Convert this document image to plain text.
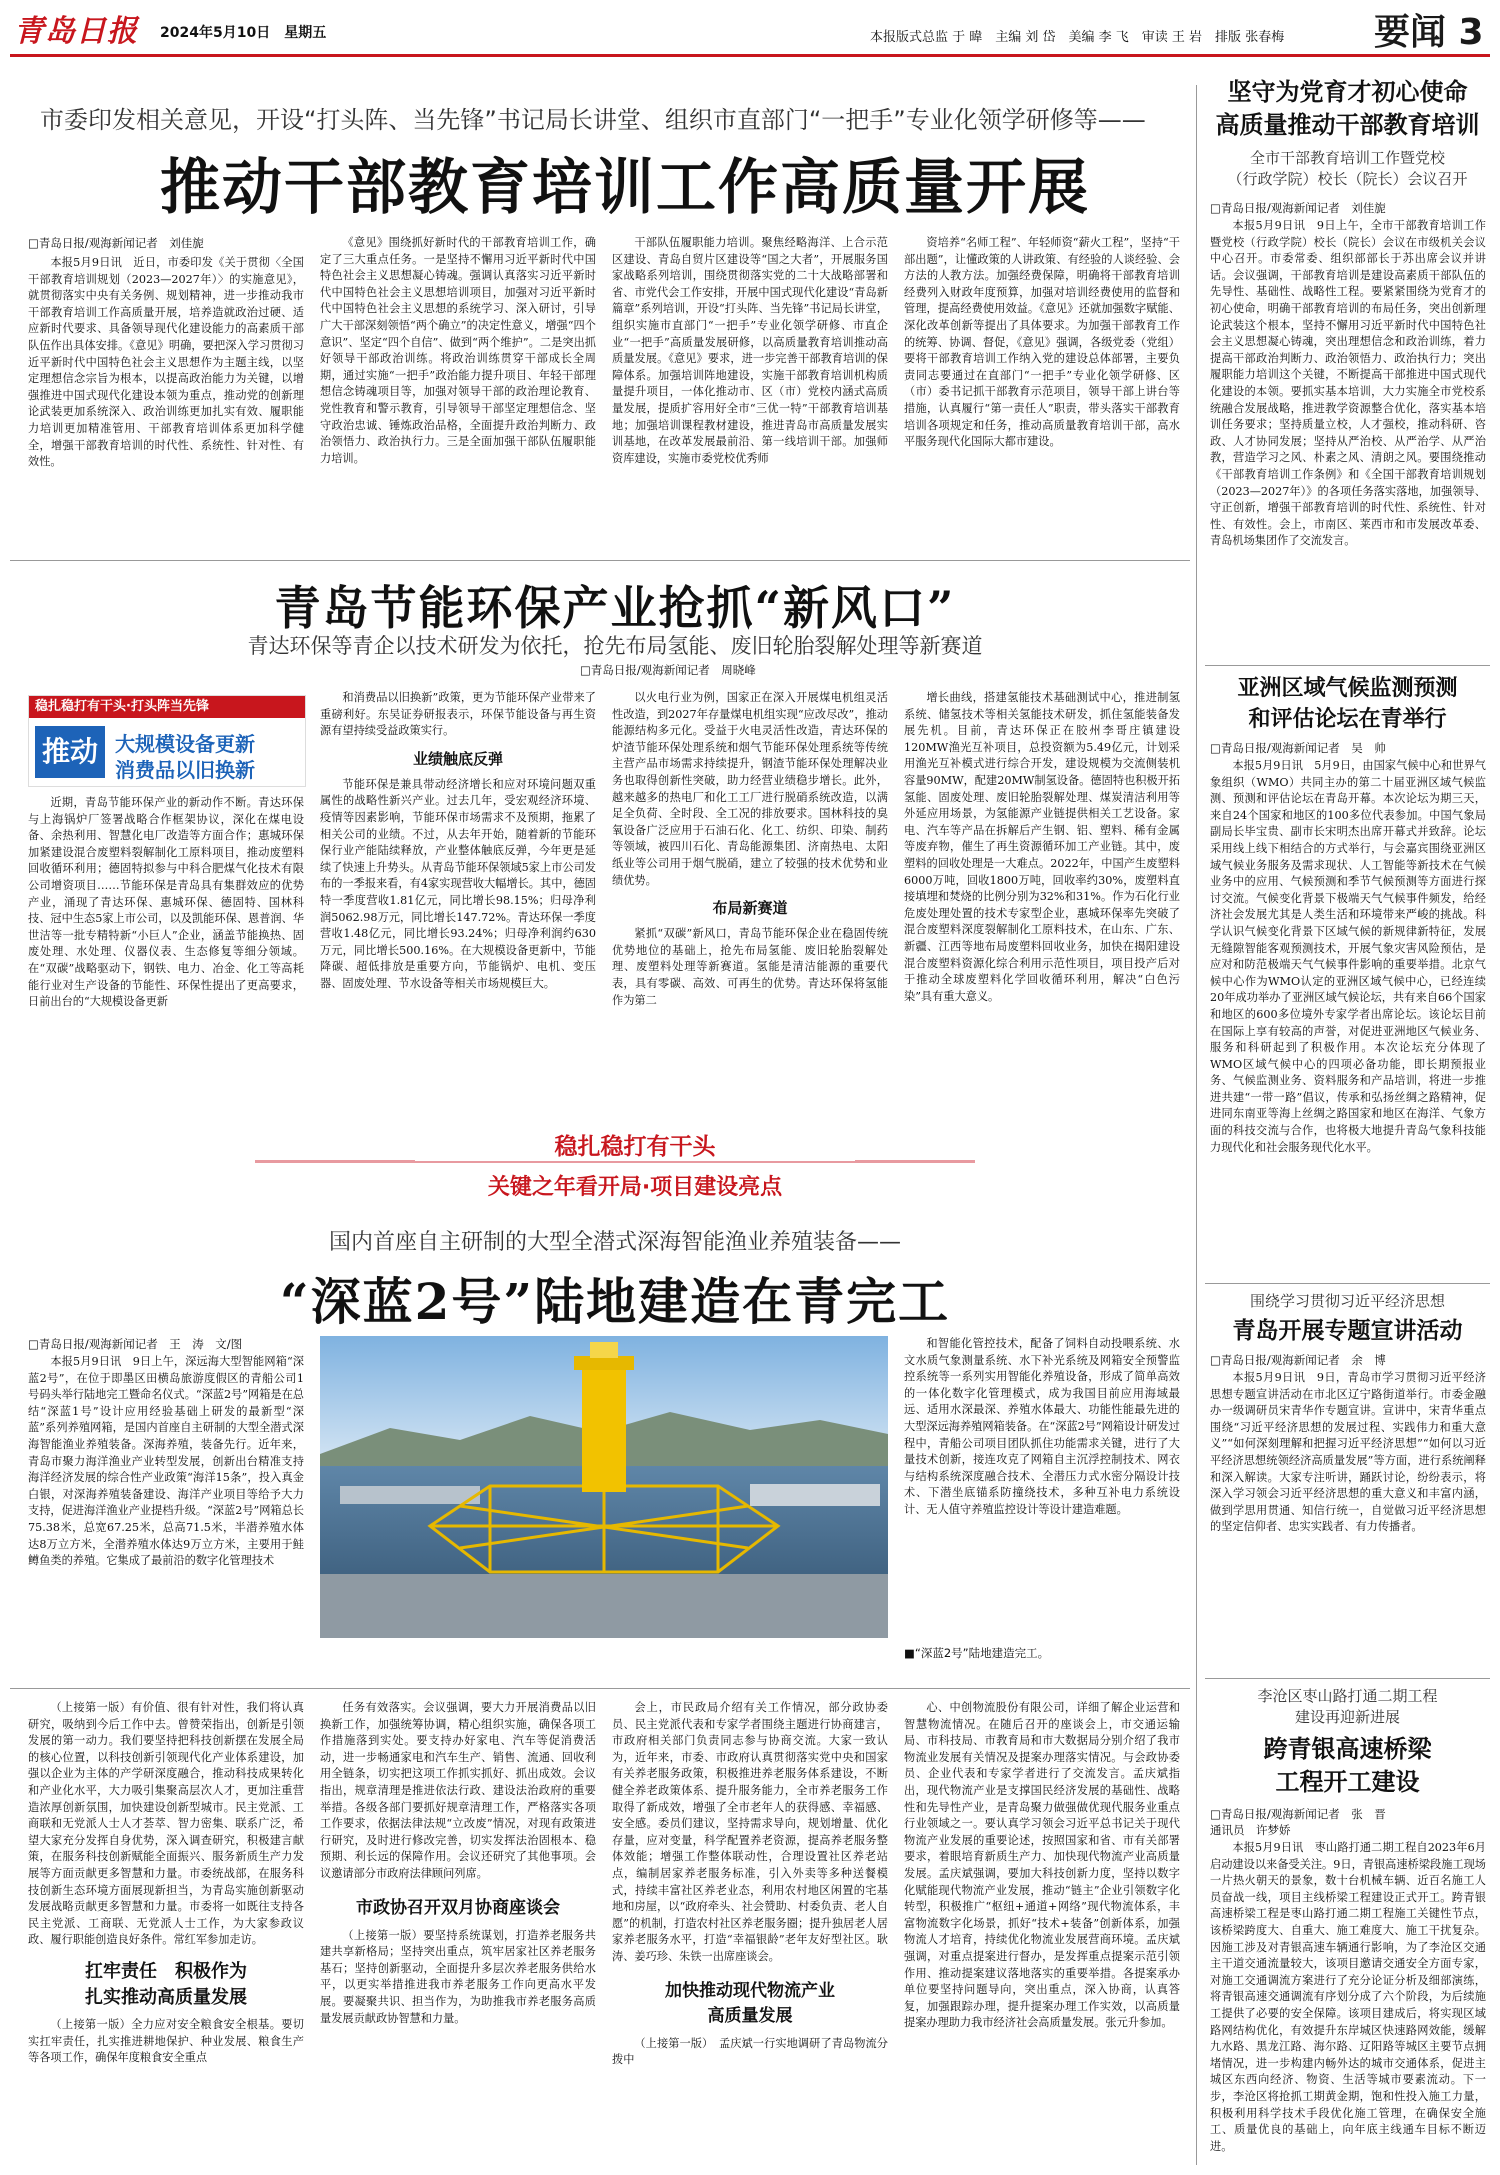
青岛日报 2024年5月10日　星期五	本报版式总监 于 暐　主编 刘 岱　美编 李 飞　审读 王 岩　排版 张春梅 要闻 3
市委印发相关意见，开设“打头阵、当先锋”书记局长讲堂、组织市直部门“一把手”专业化领学研修等——
推动干部教育培训工作高质量开展
□青岛日报/观海新闻记者　刘佳旎

本报5月9日讯　近日，市委印发《关于贯彻〈全国干部教育培训规划（2023—2027年）〉的实施意见》，就贯彻落实中央有关务例、规划精神，进一步推动我市干部教育培训工作高质量开展，培养造就政治过硬、适应新时代要求、具备领导现代化建设能力的高素质干部队伍作出具体安排。《意见》明确，要把深入学习贯彻习近平新时代中国特色社会主义思想作为主题主线，以坚定理想信念宗旨为根本，以提高政治能力为关键，以增强推进中国式现代化建设本领为重点，推动党的创新理论武装更加系统深入、政治训练更加扎实有效、履职能力培训更加精准管用、干部教育培训体系更加科学健全，增强干部教育培训的时代性、系统性、针对性、有效性。

《意见》围绕抓好新时代的干部教育培训工作，确定了三大重点任务。一是坚持不懈用习近平新时代中国特色社会主义思想凝心铸魂。强调认真落实习近平新时代中国特色社会主义思想培训项目，加强对习近平新时代中国特色社会主义思想的系统学习、深入研讨，引导广大干部深刻领悟“两个确立”的决定性意义，增强“四个意识”、坚定“四个自信”、做到“两个维护”。二是突出抓好领导干部政治训练。将政治训练贯穿干部成长全周期，通过实施“一把手”政治能力提升项目、年轻干部理想信念铸魂项目等，加强对领导干部的政治理论教育、党性教育和警示教育，引导领导干部坚定理想信念、坚守政治忠诚、锤炼政治品格，全面提升政治判断力、政治领悟力、政治执行力。三是全面加强干部队伍履职能力培训。

干部队伍履职能力培训。聚焦经略海洋、上合示范区建设、青岛自贸片区建设等“国之大者”，开展服务国家战略系列培训，围绕贯彻落实党的二十大战略部署和省、市党代会工作安排，开展中国式现代化建设“青岛新篇章”系列培训，开设“打头阵、当先锋”书记局长讲堂，组织实施市直部门“一把手”专业化领学研修、市直企业“一把手”高质量发展研修，以高质量教育培训推动高质量发展。《意见》要求，进一步完善干部教育培训的保障体系。加强培训阵地建设，实施干部教育培训机构质量提升项目，一体化推动市、区（市）党校内涵式高质量发展，提质扩容用好全市“三优一特”干部教育培训基地；加强培训课程教材建设，推进青岛市高质量发展实训基地，在改革发展最前沿、第一线培训干部。加强师资库建设，实施市委党校优秀师

资培养“名师工程”、年轻师资“薪火工程”，坚持“干部出题”，让懂政策的人讲政策、有经验的人谈经验、会方法的人教方法。加强经费保障，明确将干部教育培训经费列入财政年度预算，加强对培训经费使用的监督和管理，提高经费使用效益。《意见》还就加强数字赋能、深化改革创新等提出了具体要求。为加强干部教育工作的统筹、协调、督促，《意见》强调，各级党委（党组）要将干部教育培训工作纳入党的建设总体部署，主要负责同志要通过在直部门“一把手”专业化领学研修、区（市）委书记抓干部教育示范项目，领导干部上讲台等措施，认真履行“第一责任人”职责，带头落实干部教育培训各项规定和任务，推动高质量教育培训干部，高水平服务现代化国际大都市建设。

坚守为党育才初心使命
高质量推动干部教育培训
全市干部教育培训工作暨党校
（行政学院）校长（院长）会议召开
□青岛日报/观海新闻记者　刘佳旎

本报5月9日讯　9日上午，全市干部教育培训工作暨党校（行政学院）校长（院长）会议在市级机关会议中心召开。市委常委、组织部部长于苏出席会议并讲话。会议强调，干部教育培训是建设高素质干部队伍的先导性、基础性、战略性工程。要紧紧围绕为党育才的初心使命，明确干部教育培训的布局任务，突出创新理论武装这个根本，坚持不懈用习近平新时代中国特色社会主义思想凝心铸魂，突出理想信念和政治训练，着力提高干部政治判断力、政治领悟力、政治执行力；突出履职能力培训这个关键，不断提高干部推进中国式现代化建设的本领。要抓实基本培训，大力实施全市党校系统融合发展战略，推进教学资源整合优化，落实基本培训任务要求；坚持质量立校，人才强校，推动科研、咨政、人才协同发展；坚持从严治校、从严治学、从严治教，营造学习之风、朴素之风、清朗之风。要围绕推动《干部教育培训工作条例》和《全国干部教育培训规划（2023—2027年）》的各项任务落实落地，加强领导、守正创新，增强干部教育培训的时代性、系统性、针对性、有效性。会上，市南区、莱西市和市发展改革委、青岛机场集团作了交流发言。

青岛节能环保产业抢抓“新风口”
青达环保等青企以技术研发为依托，抢先布局氢能、废旧轮胎裂解处理等新赛道
□青岛日报/观海新闻记者　周晓峰
稳扎稳打有干头·打头阵当先锋
推动 大规模设备更新
消费品以旧换新

近期，青岛节能环保产业的新动作不断。青达环保与上海锅炉厂签署战略合作框架协议，深化在煤电设备、余热利用、智慧化电厂改造等方面合作；惠城环保加紧建设混合废塑料裂解制化工原料项目，推动废塑料回收循环利用；德固特拟参与中科合肥煤气化技术有限公司增资项目……节能环保是青岛具有集群效应的优势产业，涌现了青达环保、惠城环保、德固特、国林科技、冠中生态5家上市公司，以及凯能环保、恩普润、华世洁等一批专精特新“小巨人”企业，涵盖节能换热、固废处理、水处理、仪器仪表、生态修复等细分领域。在“双碳”战略驱动下，钢铁、电力、冶金、化工等高耗能行业对生产设备的节能性、环保性提出了更高要求，日前出台的“大规模设备更新

和消费品以旧换新”政策，更为节能环保产业带来了重磅利好。东吴证券研报表示，环保节能设备与再生资源有望持续受益政策实行。

业绩触底反弹

节能环保是兼具带动经济增长和应对环境问题双重属性的战略性新兴产业。过去几年，受宏观经济环境、疫情等因素影响，节能环保市场需求不及预期，拖累了相关公司的业绩。不过，从去年开始，随着新的节能环保行业产能陆续释放，产业整体触底反弹，今年更是延续了快速上升势头。从青岛节能环保领域5家上市公司发布的一季报来看，有4家实现营收大幅增长。其中，德固特一季度营收1.81亿元，同比增长98.15%；归母净利润5062.98万元，同比增长147.72%。青达环保一季度营收1.48亿元，同比增长93.24%；归母净利润约630万元，同比增长500.16%。在大规模设备更新中，节能降碳、超低排放是重要方向，节能锅炉、电机、变压器、固废处理、节水设备等相关市场规模巨大。

以火电行业为例，国家正在深入开展煤电机组灵活性改造，到2027年存量煤电机组实现“应改尽改”，推动能源结构多元化。受益于火电灵活性改造，青达环保的炉渣节能环保处理系统和烟气节能环保处理系统等传统主营产品市场需求持续提升，钢渣节能环保处理解决业务也取得创新性突破，助力经营业绩稳步增长。此外，越来越多的热电厂和化工工厂进行脱硝系统改造，以满足全负荷、全时段、全工况的排放要求。国林科技的臭氧设备广泛应用于石油石化、化工、纺织、印染、制药等领域，被四川石化、青岛能源集团、济南热电、太阳纸业等公司用于烟气脱硝，建立了较强的技术优势和业绩优势。

布局新赛道

紧抓“双碳”新风口，青岛节能环保企业在稳固传统优势地位的基础上，抢先布局氢能、废旧轮胎裂解处理、废塑料处理等新赛道。氢能是清洁能源的重要代表，具有零碳、高效、可再生的优势。青达环保将氢能作为第二

增长曲线，搭建氢能技术基础测试中心，推进制氢系统、储氢技术等相关氢能技术研发，抓住氢能装备发展先机。目前，青达环保正在胶州李哥庄镇建设120MW渔光互补项目，总投资额为5.49亿元，计划采用渔光互补模式进行综合开发，建设规模为交流侧装机容量90MW，配建20MW制氢设备。德固特也积极开拓氢能、固废处理、废旧轮胎裂解处理、煤炭清洁利用等外延应用场景，为氢能源产业链提供相关工艺设备。家电、汽车等产品在拆解后产生钢、铝、塑料、稀有金属等废弃物，催生了再生资源循环加工产业链。其中，废塑料的回收处理是一大难点。2022年，中国产生废塑料6000万吨，回收1800万吨，回收率约30%，废塑料直接填埋和焚烧的比例分别为32%和31%。作为石化行业危废处理处置的技术专家型企业，惠城环保率先突破了混合废塑料深度裂解制化工原料技术，在山东、广东、新疆、江西等地布局废塑料回收业务，加快在揭阳建设混合废塑料资源化综合利用示范性项目，项目投产后对于推动全球废塑料化学回收循环利用，解决“白色污染”具有重大意义。

亚洲区域气候监测预测
和评估论坛在青举行
□青岛日报/观海新闻记者　吴　帅

本报5月9日讯　5月9日，由国家气候中心和世界气象组织（WMO）共同主办的第二十届亚洲区域气候监测、预测和评估论坛在青岛开幕。本次论坛为期三天，来自24个国家和地区的100多位代表参加。中国气象局副局长毕宝贵、副市长宋明杰出席开幕式并致辞。论坛采用线上线下相结合的方式举行，与会嘉宾围绕亚洲区域气候业务服务及需求现状、人工智能等新技术在气候业务中的应用、气候预测和季节气候预测等方面进行探讨交流。气候变化背景下极端天气气候事件频发，给经济社会发展尤其是人类生活和环境带来严峻的挑战。科学认识气候变化背景下区域气候的新规律新特征，发展无缝隙智能客观预测技术，开展气象灾害风险预估，是应对和防范极端天气气候事件影响的重要举措。北京气候中心作为WMO认定的亚洲区域气候中心，已经连续20年成功举办了亚洲区域气候论坛，共有来自66个国家和地区的600多位境外专家学者出席论坛。该论坛目前在国际上享有较高的声誉，对促进亚洲地区气候业务、服务和科研起到了积极作用。本次论坛充分体现了WMO区域气候中心的四项必备功能，即长期预报业务、气候监测业务、资料服务和产品培训，将进一步推进共建“一带一路”倡议，传承和弘扬丝绸之路精神，促进同东南亚等海上丝绸之路国家和地区在海洋、气象方面的科技交流与合作，也将极大地提升青岛气象科技能力现代化和社会服务现代化水平。

稳扎稳打有干头
关键之年看开局·项目建设亮点
国内首座自主研制的大型全潜式深海智能渔业养殖装备——
“深蓝2号”陆地建造在青完工
□青岛日报/观海新闻记者　王　涛　文/图

本报5月9日讯　9日上午，深远海大型智能网箱“深蓝2号”，在位于即墨区田横岛旅游度假区的青船公司1号码头举行陆地完工暨命名仪式。“深蓝2号”网箱是在总结“深蓝1号”设计应用经验基础上研发的最新型“深蓝”系列养殖网箱，是国内首座自主研制的大型全潜式深海智能渔业养殖装备。深海养殖，装备先行。近年来，青岛市聚力海洋渔业产业转型发展，创新出台精准支持海洋经济发展的综合性产业政策“海洋15条”，投入真金白银，对深海养殖装备建设、海洋产业项目等给予大力支持，促进海洋渔业产业提档升级。“深蓝2号”网箱总长75.38米，总宽67.25米，总高71.5米，半潜养殖水体达8万立方米，全潜养殖水体达9万立方米，主要用于鲑鳟鱼类的养殖。它集成了最前沿的数字化管理技术

和智能化管控技术，配备了饲料自动投喂系统、水文水质气象测量系统、水下补光系统及网箱安全预警监控系统等一系列实用智能化养殖设备，形成了简单高效的一体化数字化管理模式，成为我国目前应用海域最远、适用水深最深、养殖水体最大、功能性能最先进的大型深远海养殖网箱装备。在“深蓝2号”网箱设计研发过程中，青船公司项目团队抓住功能需求关键，进行了大量技术创新，接连攻克了网箱自主沉浮控制技术、网衣与结构系统深度融合技术、全潜压力式水密分隔设计技术、下潜坐底锚系防撞绕技术，多种互补电力系统设计、无人值守养殖监控设计等设计建造难题。

■“深蓝2号”陆地建造完工。
围绕学习贯彻习近平经济思想
青岛开展专题宣讲活动
□青岛日报/观海新闻记者　余　博

本报5月9日讯　9日，青岛市学习贯彻习近平经济思想专题宣讲活动在市北区辽宁路街道举行。市委金融办一级调研员宋青华作专题宣讲。宣讲中，宋青华重点围绕“习近平经济思想的发展过程、实践伟力和重大意义”“如何深刻理解和把握习近平经济思想”“如何以习近平经济思想统领经济高质量发展”等方面，进行系统阐释和深入解读。大家专注听讲，踊跃讨论，纷纷表示，将深入学习领会习近平经济思想的重大意义和丰富内涵，做到学思用贯通、知信行统一，自觉做习近平经济思想的坚定信仰者、忠实实践者、有力传播者。

李沧区枣山路打通二期工程
建设再迎新进展
跨青银高速桥梁
工程开工建设
□青岛日报/观海新闻记者　张　晋
通讯员　许梦娇

本报5月9日讯　枣山路打通二期工程自2023年6月启动建设以来备受关注。9日，青银高速桥梁段施工现场一片热火朝天的景象，数十台机械车辆、近百名施工人员奋战一线，项目主线桥梁工程建设正式开工。跨青银高速桥梁工程是枣山路打通二期工程施工关键性节点，该桥梁跨度大、自重大、施工难度大、施工干扰复杂。因施工涉及对青银高速车辆通行影响，为了李沧区交通主干道交通流量较大，该项目邀请交通安全方面专家，对施工交通调流方案进行了充分论证分析及细部演练，将青银高速交通调流有序划分成了六个阶段，为后续施工提供了必要的安全保障。该项目建成后，将实现区域路网结构优化，有效提升东岸城区快速路网效能，缓解九水路、黑龙江路、海尔路、辽阳路等城区主要节点拥堵情况，进一步构建内畅外达的城市交通体系，促进主城区东西向经济、物资、生活等城市要素流动。下一步，李沧区将抢抓工期黄金期，饱和性投入施工力量，积极利用科学技术手段优化施工管理，在确保安全施工、质量优良的基础上，向年底主线通车目标不断迈进。

（上接第一版）有价值、很有针对性，我们将认真研究，吸纳到今后工作中去。曾赞荣指出，创新是引领发展的第一动力。我们要坚持把科技创新摆在发展全局的核心位置，以科技创新引领现代化产业体系建设，加强以企业为主体的产学研深度融合，推动科技成果转化和产业化水平，大力吸引集聚高层次人才，更加注重营造浓厚创新氛围，加快建设创新型城市。民主党派、工商联和无党派人士人才荟萃、智力密集、联系广泛，希望大家充分发挥自身优势，深入调查研究，积极建言献策，在服务科技创新赋能全面振兴、服务新质生产力发展等方面贡献更多智慧和力量。市委统战部，在服务科技创新生态环境方面展现新担当，为青岛实施创新驱动发展战略贡献更多智慧和力量。市委将一如既往支持各民主党派、工商联、无党派人士工作，为大家参政议政、履行职能创造良好条件。常红军参加走访。

扛牢责任　积极作为
扎实推动高质量发展

（上接第一版）全力应对安全粮食安全根基。要切实扛牢责任，扎实推进耕地保护、种业发展、粮食生产等各项工作，确保年度粮食安全重点

任务有效落实。会议强调，要大力开展消费品以旧换新工作，加强统筹协调，精心组织实施，确保各项工作措施落到实处。要支持办好家电、汽车等促消费活动，进一步畅通家电和汽车生产、销售、流通、回收利用全链条，切实把这项工作抓实抓好、抓出成效。会议指出，规章清理是推进依法行政、建设法治政府的重要举措。各级各部门要抓好规章清理工作，严格落实各项工作要求，依据法律法规“立改废”情况，对现有政策进行研究，及时进行修改完善，切实发挥法治固根本、稳预期、利长远的保障作用。会议还研究了其他事项。会议邀请部分市政府法律顾问列席。

市政协召开双月协商座谈会

（上接第一版）要坚持系统谋划，打造养老服务共建共享新格局；坚持突出重点，筑牢居家社区养老服务基石；坚持创新驱动，全面提升多层次养老服务供给水平，以更实举措推进我市养老服务工作向更高水平发展。要凝聚共识、担当作为，为助推我市养老服务高质量发展贡献政协智慧和力量。

会上，市民政局介绍有关工作情况，部分政协委员、民主党派代表和专家学者围绕主题进行协商建言，市政府相关部门负责同志参与协商交流。大家一致认为，近年来，市委、市政府认真贯彻落实党中央和国家有关养老服务政策，积极推进养老服务体系建设，不断健全养老政策体系、提升服务能力，全市养老服务工作取得了新成效，增强了全市老年人的获得感、幸福感、安全感。委员们建议，坚持需求导向，规划增量、优化存量，应对变量，科学配置养老资源，提高养老服务整体效能；增强工作整体联动性，合理设置社区养老站点，编制居家养老服务标准，引入外卖等多种送餐模式，持续丰富社区养老业态，利用农村地区闲置的宅基地和房屋，以“政府牵头、社会赞助、村委负责、老人自愿”的机制，打造农村社区养老服务圈；提升独居老人居家养老服务水平，打造“幸福银龄”老年友好型社区。耿涛、姜巧珍、朱铁一出席座谈会。

加快推动现代物流产业
高质量发展

（上接第一版）　孟庆斌一行实地调研了青岛物流分拨中

心、中创物流股份有限公司，详细了解企业运营和智慧物流情况。在随后召开的座谈会上，市交通运输局、市科技局、市教育局和市大数据局分别介绍了我市物流业发展有关情况及提案办理落实情况。与会政协委员、企业代表和专家学者进行了交流发言。孟庆斌指出，现代物流产业是支撑国民经济发展的基础性、战略性和先导性产业，是青岛聚力做强做优现代服务业重点行业领域之一。要认真学习领会习近平总书记关于现代物流产业发展的重要论述，按照国家和省、市有关部署要求，着眼培育新质生产力、加快现代物流产业高质量发展。孟庆斌强调，要加大科技创新力度，坚持以数字化赋能现代物流产业发展，推动“链主”企业引领数字化转型，积极推广“枢纽+通道+网络”现代物流体系，丰富物流数字化场景，抓好“技术+装备”创新体系，加强物流人才培育，持续优化物流业发展营商环境。孟庆斌强调，对重点提案进行督办，是发挥重点提案示范引领作用、推动提案建议落地落实的重要举措。各提案承办单位要坚持问题导向，突出重点，深入协商，认真答复，加强跟踪办理，提升提案办理工作实效，以高质量提案办理助力我市经济社会高质量发展。张元升参加。
